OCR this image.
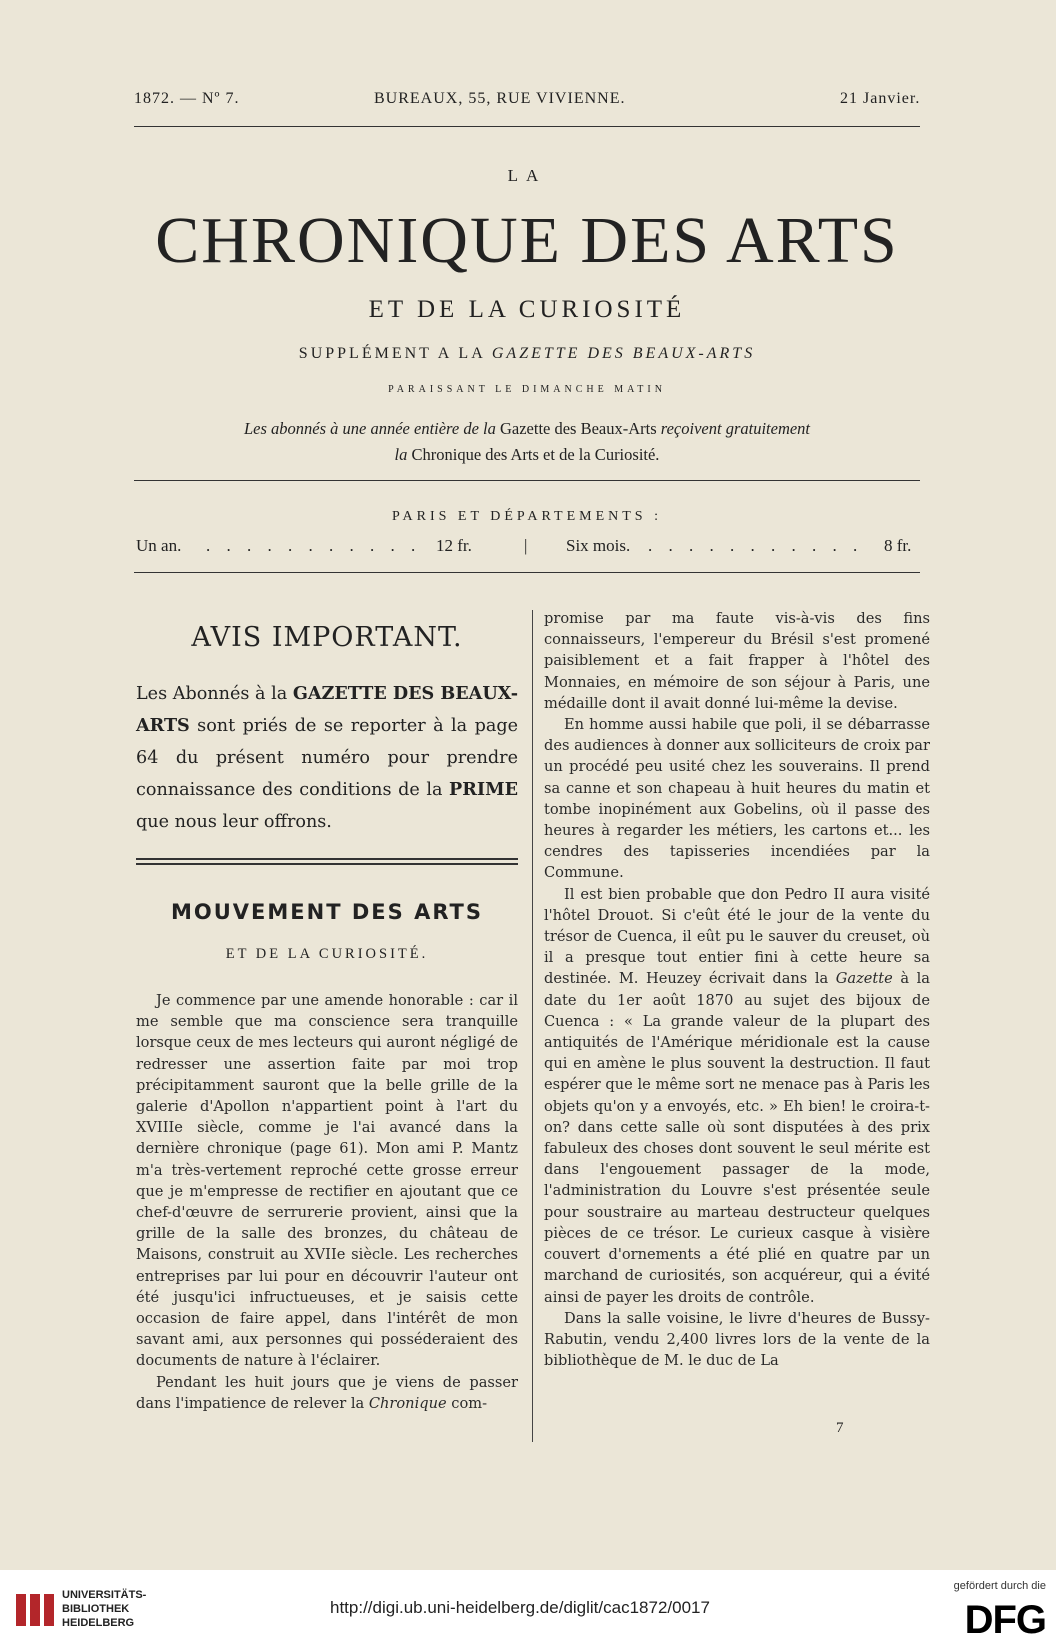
1872. — Nº 7.	BUREAUX, 55, RUE VIVIENNE.	21 Janvier.
LA
CHRONIQUE DES ARTS
ET DE LA CURIOSITÉ
SUPPLÉMENT A LA GAZETTE DES BEAUX-ARTS
PARAISSANT LE DIMANCHE MATIN
Les abonnés à une année entière de la Gazette des Beaux-Arts reçoivent gratuitement
la Chronique des Arts et de la Curiosité.
PARIS ET DÉPARTEMENTS :
Un an. . . . . . . . . . . . 12 fr.	| Six mois. . . . . . . . . . . . 8 fr.
AVIS IMPORTANT.
Les Abonnés à la GAZETTE DES BEAUX-ARTS sont priés de se reporter à la page 64 du présent numéro pour prendre connaissance des conditions de la PRIME que nous leur offrons.
MOUVEMENT DES ARTS
ET DE LA CURIOSITÉ.

Je commence par une amende honorable : car il me semble que ma conscience sera tranquille lorsque ceux de mes lecteurs qui auront négligé de redresser une assertion faite par moi trop précipitamment sauront que la belle grille de la galerie d'Apollon n'appartient point à l'art du XVIIIe siècle, comme je l'ai avancé dans la dernière chronique (page 61). Mon ami P. Mantz m'a très-vertement reproché cette grosse erreur que je m'empresse de rectifier en ajoutant que ce chef-d'œuvre de serrurerie provient, ainsi que la grille de la salle des bronzes, du château de Maisons, construit au XVIIe siècle. Les recherches entreprises par lui pour en découvrir l'auteur ont été jusqu'ici infructueuses, et je saisis cette occasion de faire appel, dans l'intérêt de mon savant ami, aux personnes qui posséderaient des documents de nature à l'éclairer.

Pendant les huit jours que je viens de passer dans l'impatience de relever la Chronique com-

promise par ma faute vis-à-vis des fins connaisseurs, l'empereur du Brésil s'est promené paisiblement et a fait frapper à l'hôtel des Monnaies, en mémoire de son séjour à Paris, une médaille dont il avait donné lui-même la devise.

En homme aussi habile que poli, il se débarrasse des audiences à donner aux solliciteurs de croix par un procédé peu usité chez les souverains. Il prend sa canne et son chapeau à huit heures du matin et tombe inopinément aux Gobelins, où il passe des heures à regarder les métiers, les cartons et... les cendres des tapisseries incendiées par la Commune.

Il est bien probable que don Pedro II aura visité l'hôtel Drouot. Si c'eût été le jour de la vente du trésor de Cuenca, il eût pu le sauver du creuset, où il a presque tout entier fini à cette heure sa destinée. M. Heuzey écrivait dans la Gazette à la date du 1er août 1870 au sujet des bijoux de Cuenca : « La grande valeur de la plupart des antiquités de l'Amérique méridionale est la cause qui en amène le plus souvent la destruction. Il faut espérer que le même sort ne menace pas à Paris les objets qu'on y a envoyés, etc. » Eh bien! le croira-t-on? dans cette salle où sont disputées à des prix fabuleux des choses dont souvent le seul mérite est dans l'engouement passager de la mode, l'administration du Louvre s'est présentée seule pour soustraire au marteau destructeur quelques pièces de ce trésor. Le curieux casque à visière couvert d'ornements a été plié en quatre par un marchand de curiosités, son acquéreur, qui a évité ainsi de payer les droits de contrôle.

Dans la salle voisine, le livre d'heures de Bussy-Rabutin, vendu 2,400 livres lors de la vente de la bibliothèque de M. le duc de La

7
UNIVERSITÄTS-
BIBLIOTHEK
HEIDELBERG
http://digi.ub.uni-heidelberg.de/diglit/cac1872/0017
gefördert durch die
DFG
